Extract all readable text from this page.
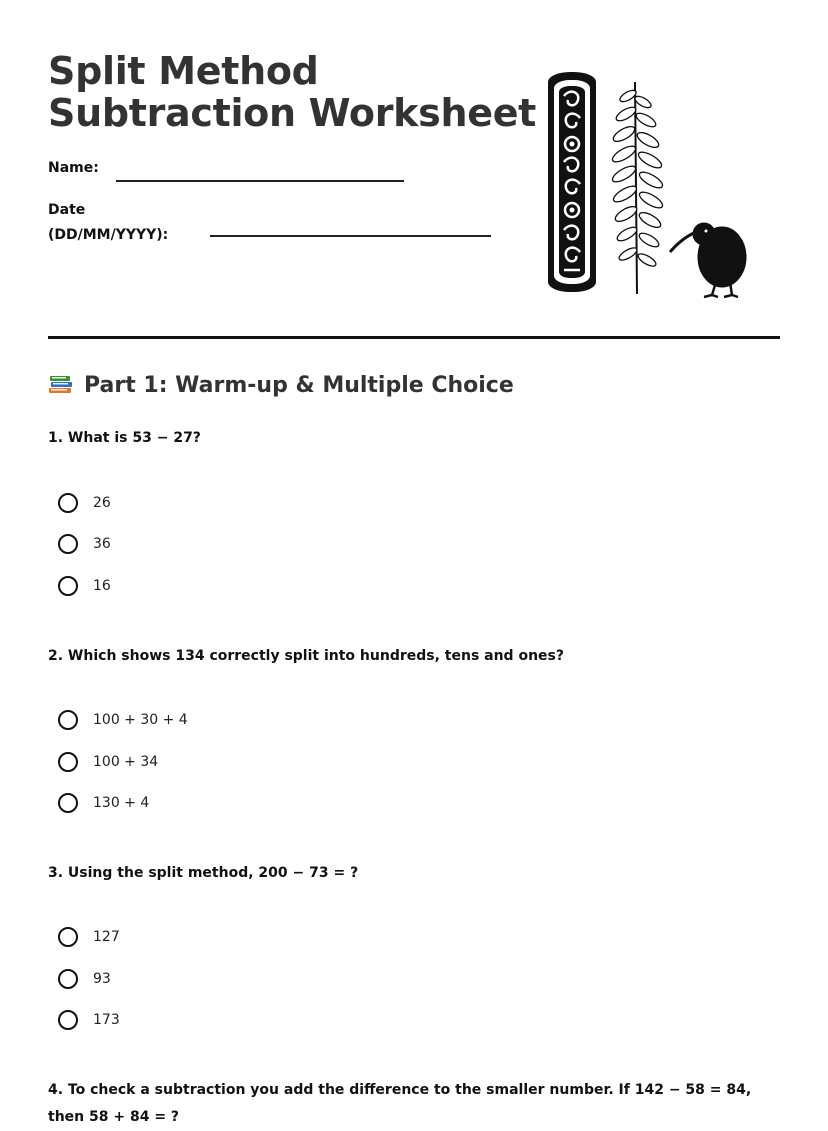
Split Method
Subtraction Worksheet
Name:
Date
(DD/MM/YYYY):
Part 1: Warm-up & Multiple Choice
1. What is 53 − 27?
26
36
16
2. Which shows 134 correctly split into hundreds, tens and ones?
100 + 30 + 4
100 + 34
130 + 4
3. Using the split method, 200 − 73 = ?
127
93
173
4. To check a subtraction you add the difference to the smaller number. If 142 − 58 = 84, then 58 + 84 = ?
